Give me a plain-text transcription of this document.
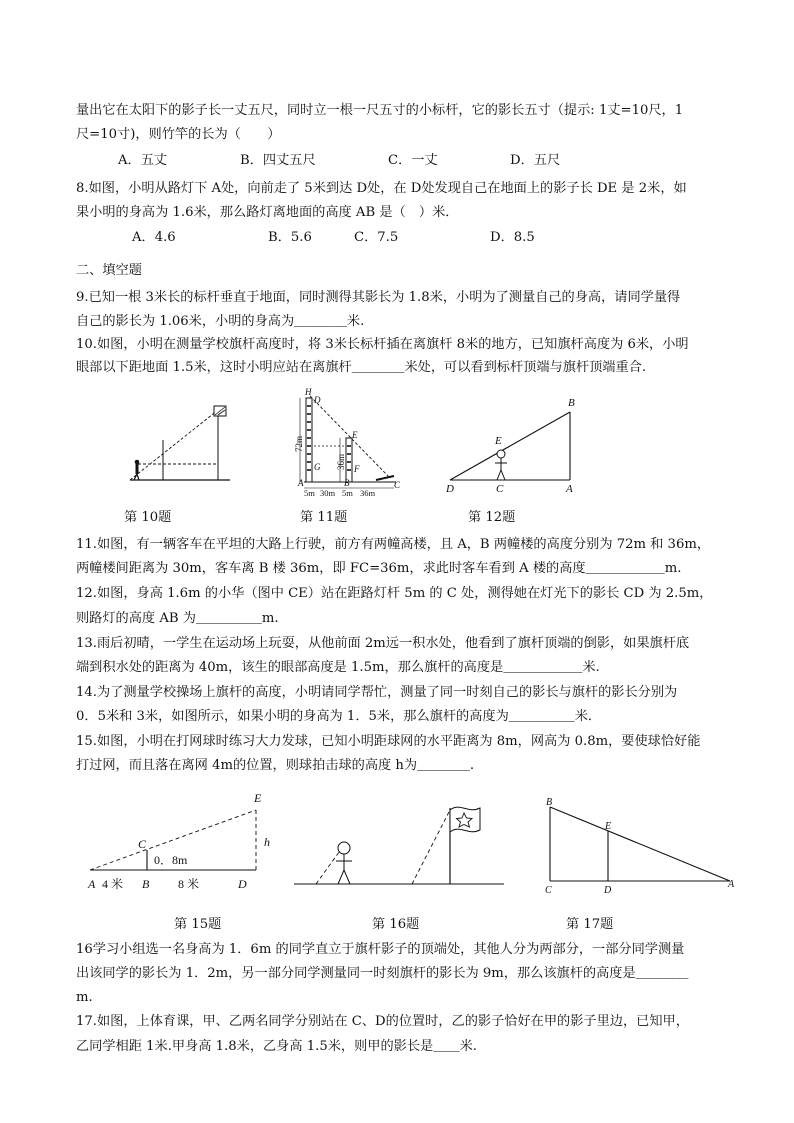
量出它在太阳下的影子长一丈五尺，同时立一根一尺五寸的小标杆，它的影长五寸（提示: 1丈=10尺，1
尺=10寸)，则竹竿的长为（　　）
A．五丈	B．四丈五尺	C．一丈	D．五尺
8.如图，小明从路灯下 A处，向前走了 5米到达 D处，在 D处发现自己在地面上的影子长 DE 是 2米，如
果小明的身高为 1.6米，那么路灯离地面的高度 AB 是（　）米．
A．4.6	B．5.6	C．7.5	D．8.5
二、填空题
9.已知一根 3米长的标杆垂直于地面，同时测得其影长为 1.8米，小明为了测量自己的身高，请同学量得
自己的影长为 1.06米，小明的身高为＿＿＿＿米.
10.如图，小明在测量学校旗杆高度时，将 3米长标杆插在离旗杆 8米的地方，已知旗杆高度为 6米，小明
眼部以下距地面 1.5米，这时小明应站在离旗杆＿＿＿＿米处，可以看到标杆顶端与旗杆顶端重合.
H
D
E
G	F
A	B	C
72m
36m
5m 30m 5m 36m
B
E
D	C	A
第 10题	第 11题	第 12题
11.如图，有一辆客车在平坦的大路上行驶，前方有两幢高楼，且 A，B 两幢楼的高度分别为 72m 和 36m，
两幢楼间距离为 30m，客车离 B 楼 36m，即 FC=36m，求此时客车看到 A 楼的高度＿＿＿＿＿＿m.
12.如图，身高 1.6m 的小华（图中 CE）站在距路灯杆 5m 的 C 处，测得她在灯光下的影长 CD 为 2.5m，
则路灯的高度 AB 为＿＿＿＿＿m.
13.雨后初晴，一学生在运动场上玩耍，从他前面 2m远一积水处，他看到了旗杆顶端的倒影，如果旗杆底
端到积水处的距离为 40m，该生的眼部高度是 1.5m，那么旗杆的高度是＿＿＿＿＿＿米.
14.为了测量学校操场上旗杆的高度，小明请同学帮忙，测量了同一时刻自己的影长与旗杆的影长分别为
0．5米和 3米，如图所示，如果小明的身高为 1．5米，那么旗杆的高度为＿＿＿＿＿米．
15.如图，小明在打网球时练习大力发球，已知小明距球网的水平距离为 8m，网高为 0.8m，要使球恰好能
打过网，而且落在离网 4m的位置，则球拍击球的高度 h为＿＿＿＿.
E
C
0．8m
h
A 4 米 B 8 米	D
B
E
C	D
A
第 15题	第 16题	第 17题
16学习小组选一名身高为 1．6m 的同学直立于旗杆影子的顶端处，其他人分为两部分，一部分同学测量
出该同学的影长为 1．2m，另一部分同学测量同一时刻旗杆的影长为 9m，那么该旗杆的高度是＿＿＿＿
m.
17.如图，上体育课，甲、乙两名同学分别站在 C、D的位置时，乙的影子恰好在甲的影子里边，已知甲，
乙同学相距 1米.甲身高 1.8米，乙身高 1.5米，则甲的影长是＿＿米.
